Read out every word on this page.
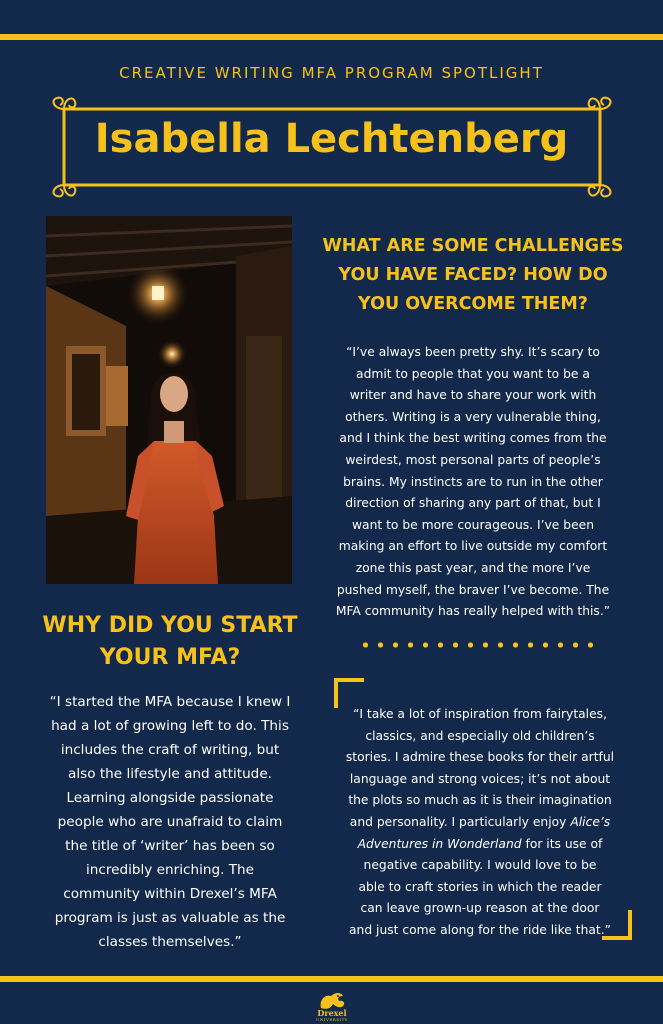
CREATIVE WRITING MFA PROGRAM SPOTLIGHT
Isabella Lechtenberg
WHAT ARE SOME CHALLENGES
YOU HAVE FACED? HOW DO
YOU OVERCOME THEM?
“I’ve always been pretty shy. It’s scary to
admit to people that you want to be a
writer and have to share your work with
others. Writing is a very vulnerable thing,
and I think the best writing comes from the
weirdest, most personal parts of people’s
brains. My instincts are to run in the other
direction of sharing any part of that, but I
want to be more courageous. I’ve been
making an effort to live outside my comfort
zone this past year, and the more I’ve
pushed myself, the braver I’ve become. The
MFA community has really helped with this.”
WHY DID YOU START
YOUR MFA?
“I started the MFA because I knew I
had a lot of growing left to do. This
includes the craft of writing, but
also the lifestyle and attitude.
Learning alongside passionate
people who are unafraid to claim
the title of ‘writer’ has been so
incredibly enriching. The
community within Drexel’s MFA
program is just as valuable as the
classes themselves.”
“I take a lot of inspiration from fairytales,
classics, and especially old children’s
stories. I admire these books for their artful
language and strong voices; it’s not about
the plots so much as it is their imagination
and personality. I particularly enjoy Alice’s
Adventures in Wonderland for its use of
negative capability. I would love to be
able to craft stories in which the reader
can leave grown-up reason at the door
and just come along for the ride like that.”
Drexel
UNIVERSITY
